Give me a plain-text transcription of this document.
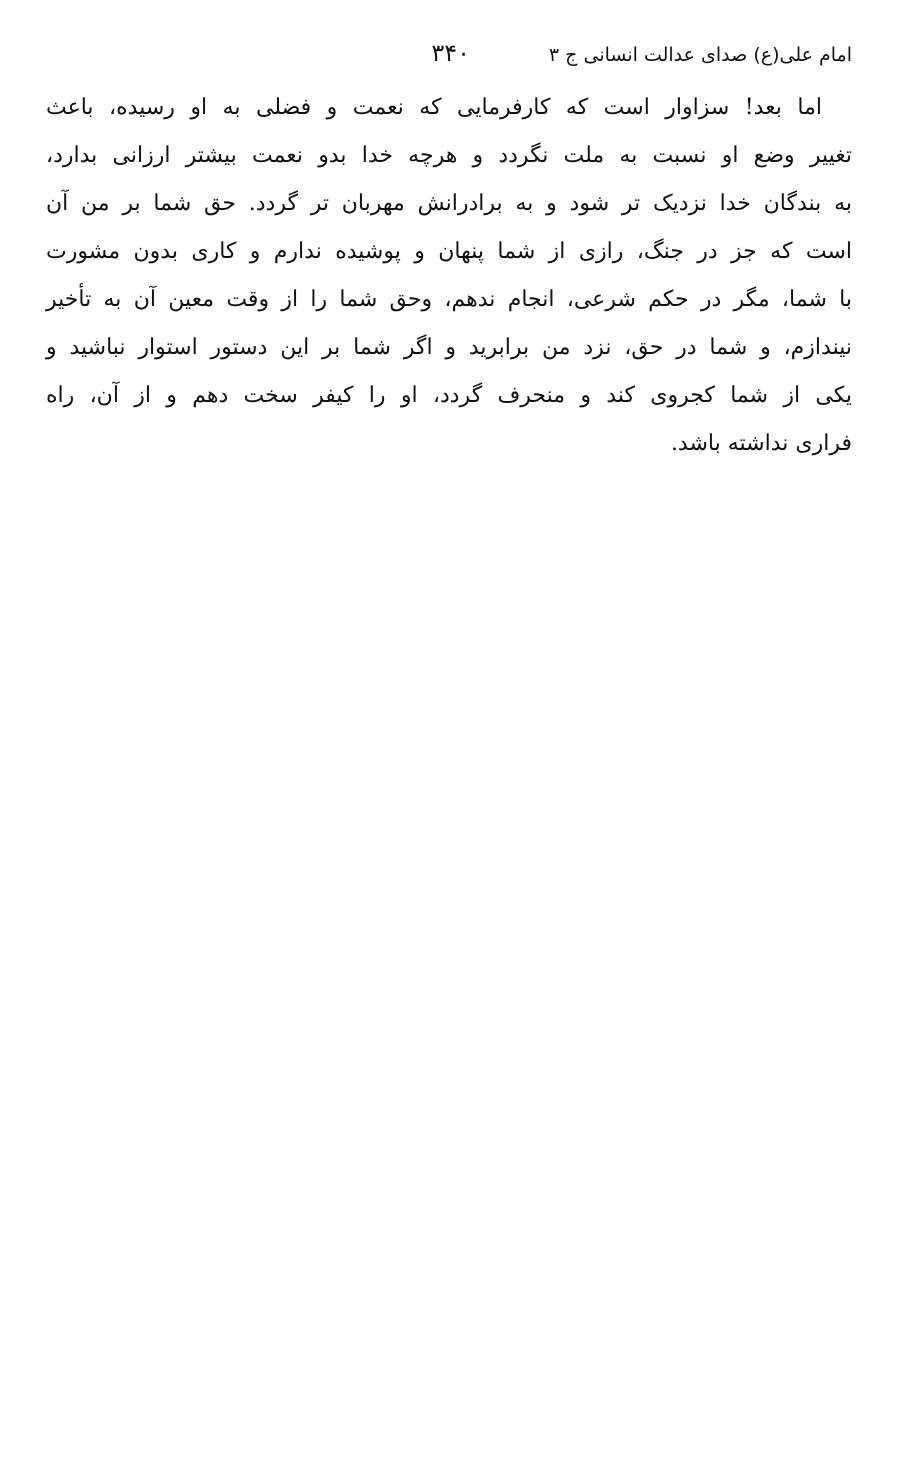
امام علی(ع) صدای عدالت انسانی ج ۳
۳۴۰
اما بعد! سزاوار است که کارفرمایی که نعمت و فضلی به او رسیده، باعث
تغییر وضع او نسبت به ملت نگردد و هرچه خدا بدو نعمت بیشتر ارزانی بدارد،
به بندگان خدا نزدیک تر شود و به برادرانش مهربان تر گردد. حق شما بر من آن
است که جز در جنگ، رازی از شما پنهان و پوشیده ندارم و کاری بدون مشورت
با شما، مگر در حکم شرعی، انجام ندهم، وحق شما را از وقت معین آن به تأخیر
نیندازم، و شما در حق، نزد من برابرید و اگر شما بر این دستور استوار نباشید و
یکی از شما کجروی کند و منحرف گردد، او را کیفر سخت دهم و از آن، راه
فراری نداشته باشد.
